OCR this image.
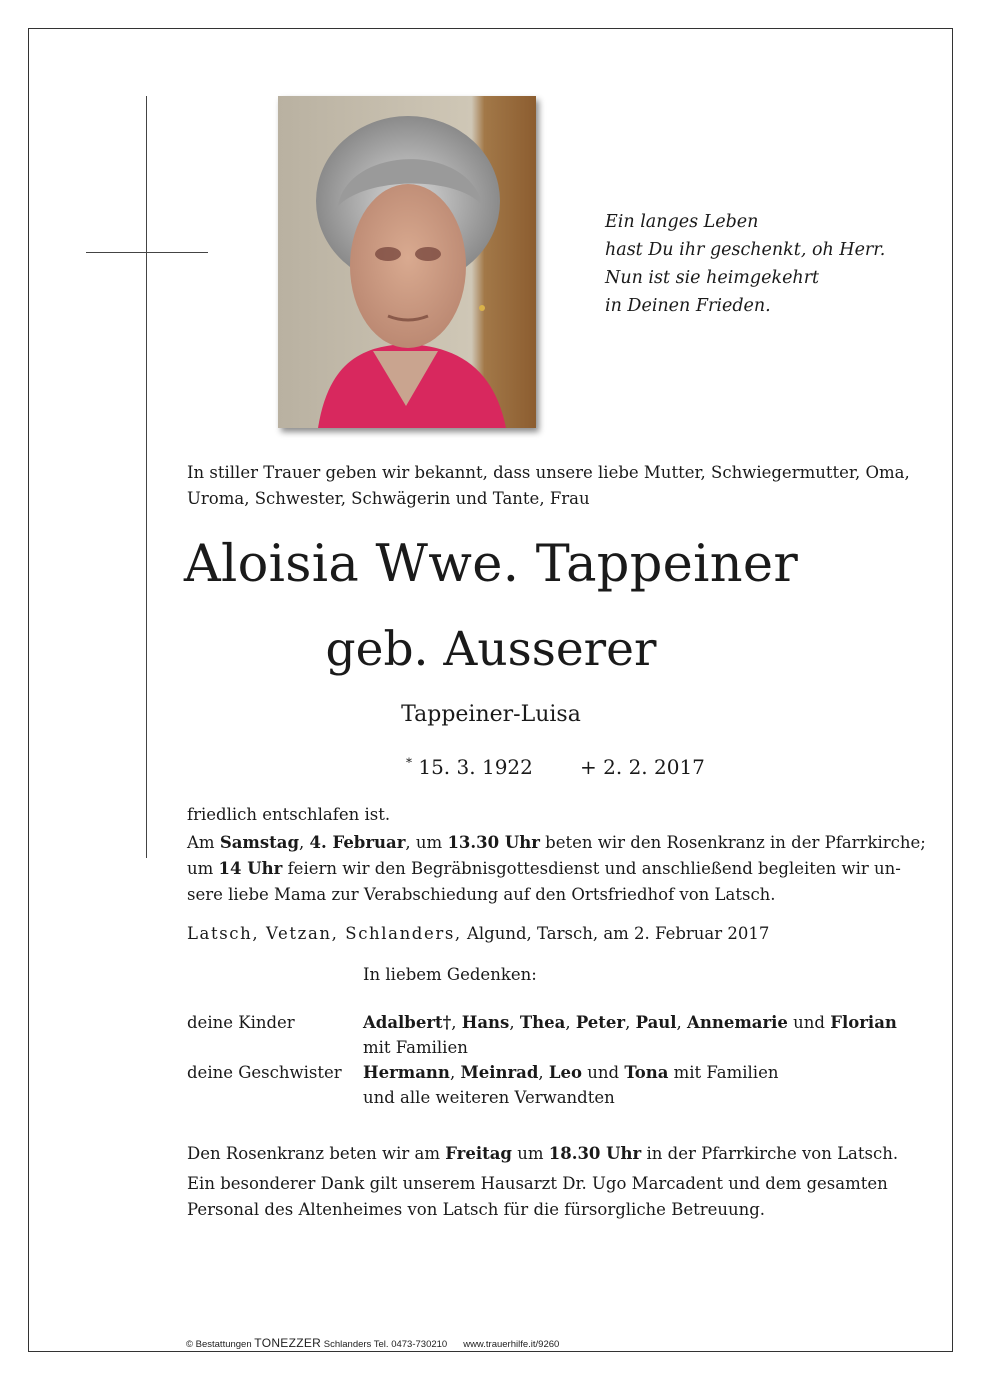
Ein langes Leben
hast Du ihr geschenkt, oh Herr.
Nun ist sie heimgekehrt
in Deinen Frieden.
In stiller Trauer geben wir bekannt, dass unsere liebe Mutter, Schwiegermutter, Oma,
Uroma, Schwester, Schwägerin und Tante, Frau
Aloisia Wwe. Tappeiner
geb. Ausserer
Tappeiner-Luisa
* 15. 3. 1922 + 2. 2. 2017
friedlich entschlafen ist.
Am Samstag, 4. Februar, um 13.30 Uhr beten wir den Rosenkranz in der Pfarrkirche;
um 14 Uhr feiern wir den Begräbnisgottesdienst und anschließend begleiten wir un-
sere liebe Mama zur Verabschiedung auf den Ortsfriedhof von Latsch.
Latsch, Vetzan, Schlanders, Algund, Tarsch, am 2. Februar 2017
In liebem Gedenken:
deine Kinder	Adalbert†, Hans, Thea, Peter, Paul, Annemarie und Florian
mit Familien
deine Geschwister Hermann, Meinrad, Leo und Tona mit Familien
und alle weiteren Verwandten
Den Rosenkranz beten wir am Freitag um 18.30 Uhr in der Pfarrkirche von Latsch.
Ein besonderer Dank gilt unserem Hausarzt Dr. Ugo Marcadent und dem gesamten
Personal des Altenheimes von Latsch für die fürsorgliche Betreuung.
© Bestattungen TONEZZER Schlanders Tel. 0473-730210 www.trauerhilfe.it/9260
